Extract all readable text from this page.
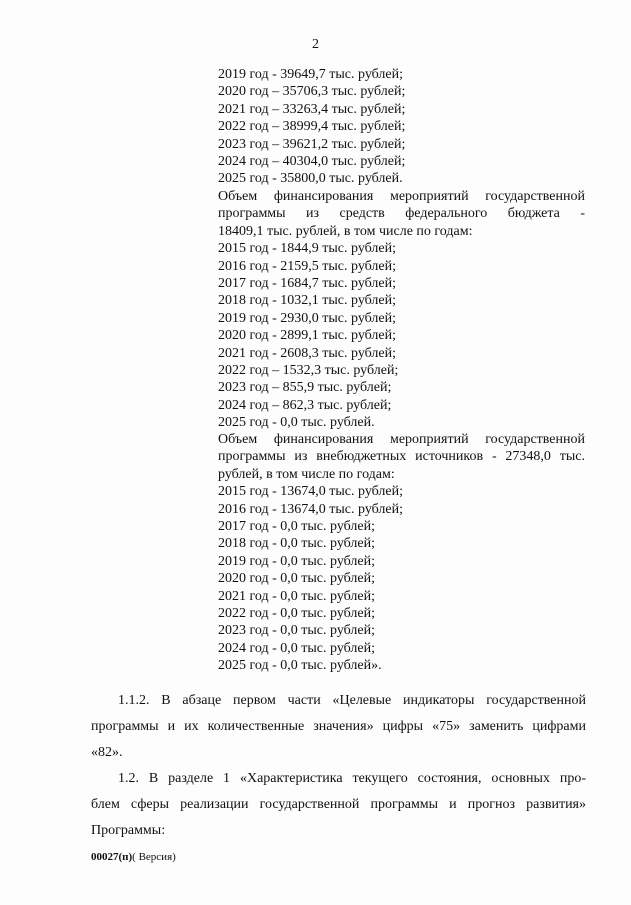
2
2019 год - 39649,7 тыс. рублей;
2020 год – 35706,3 тыс. рублей;
2021 год – 33263,4 тыс. рублей;
2022 год – 38999,4 тыс. рублей;
2023 год – 39621,2 тыс. рублей;
2024 год – 40304,0 тыс. рублей;
2025 год - 35800,0 тыс. рублей.
Объем финансирования мероприятий государственной
программы из средств федерального бюджета -
18409,1 тыс. рублей, в том числе по годам:
2015 год - 1844,9 тыс. рублей;
2016 год - 2159,5 тыс. рублей;
2017 год - 1684,7 тыс. рублей;
2018 год - 1032,1 тыс. рублей;
2019 год - 2930,0 тыс. рублей;
2020 год - 2899,1 тыс. рублей;
2021 год - 2608,3 тыс. рублей;
2022 год – 1532,3 тыс. рублей;
2023 год – 855,9 тыс. рублей;
2024 год – 862,3 тыс. рублей;
2025 год - 0,0 тыс. рублей.
Объем финансирования мероприятий государственной
программы из внебюджетных источников - 27348,0 тыс.
рублей, в том числе по годам:
2015 год - 13674,0 тыс. рублей;
2016 год - 13674,0 тыс. рублей;
2017 год - 0,0 тыс. рублей;
2018 год - 0,0 тыс. рублей;
2019 год - 0,0 тыс. рублей;
2020 год - 0,0 тыс. рублей;
2021 год - 0,0 тыс. рублей;
2022 год - 0,0 тыс. рублей;
2023 год - 0,0 тыс. рублей;
2024 год - 0,0 тыс. рублей;
2025 год - 0,0 тыс. рублей».
1.1.2. В абзаце первом части «Целевые индикаторы государственной
программы и их количественные значения» цифры «75» заменить цифрами
«82».
1.2. В разделе 1 «Характеристика текущего состояния, основных про-
блем сферы реализации государственной программы и прогноз развития»
Программы:
00027(п)( Версия)
